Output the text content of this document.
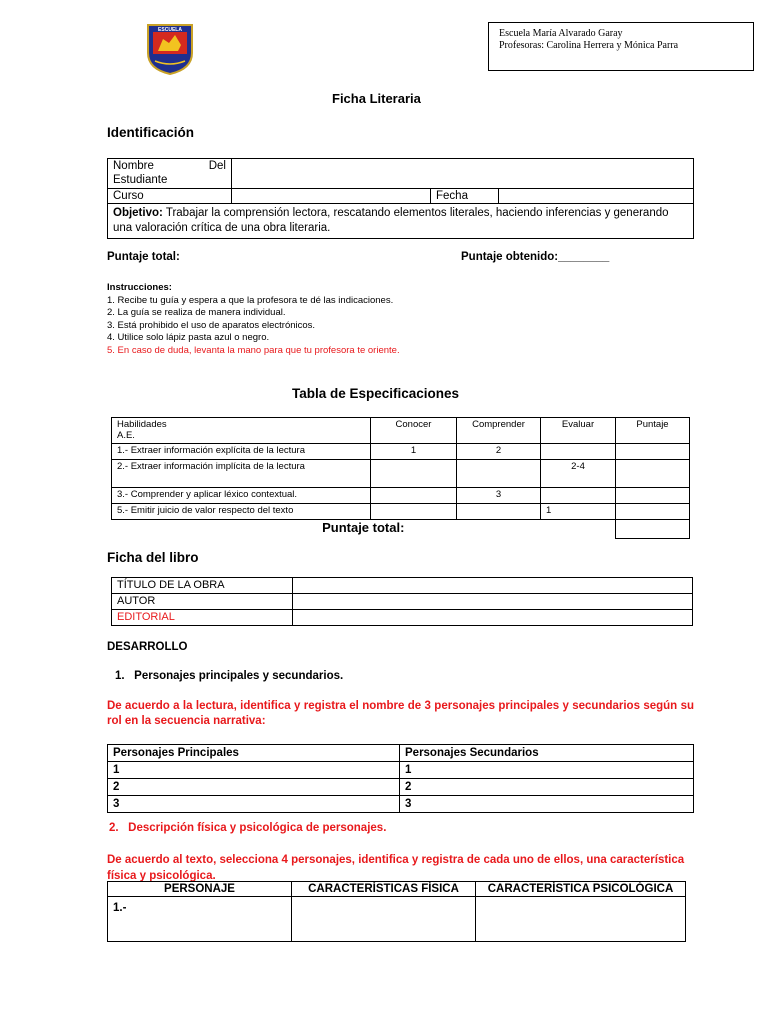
ESCUELA	Escuela María Alvarado Garay
Profesoras: Carolina Herrera y Mónica Parra
Ficha Literaria
Identificación
Nombre Del
Estudiante			

Curso		Fecha	
Objetivo: Trabajar la comprensión lectora, rescatando elementos literales, haciendo inferencias y generando una valoración crítica de una obra literaria.			
Puntaje total:	Puntaje obtenido:________
Instrucciones:
1. Recibe tu guía y espera a que la profesora te dé las indicaciones.
2. La guía se realiza de manera individual.
3. Está prohibido el uso de aparatos electrónicos.
4. Utilice solo lápiz pasta azul o negro.
5. En caso de duda, levanta la mano para que tu profesora te oriente.
Tabla de Especificaciones
Habilidades
A.E.	Conocer	Comprender	Evaluar	Puntaje
1.- Extraer información explícita de la lectura	1	2		
2.- Extraer información implícita de la lectura			2-4	
3.- Comprender y aplicar léxico contextual.		3		
5.- Emitir juicio de valor respecto del texto			1	
Puntaje total:				
Ficha del libro
TÍTULO DE LA OBRA	
AUTOR	
EDITORIAL	
DESARROLLO
1.   Personajes principales y secundarios.
De acuerdo a la lectura, identifica y registra el nombre de 3 personajes principales y secundarios según su rol en la secuencia narrativa:
Personajes Principales	Personajes Secundarios
1	1
2	2
3	3
2.   Descripción física y psicológica de personajes.
De acuerdo al texto, selecciona 4 personajes, identifica y registra de cada uno de ellos, una característica física y psicológica.
PERSONAJE	CARACTERÍSTICAS FÍSICA	CARACTERÍSTICA PSICOLÓGICA
1.-		
